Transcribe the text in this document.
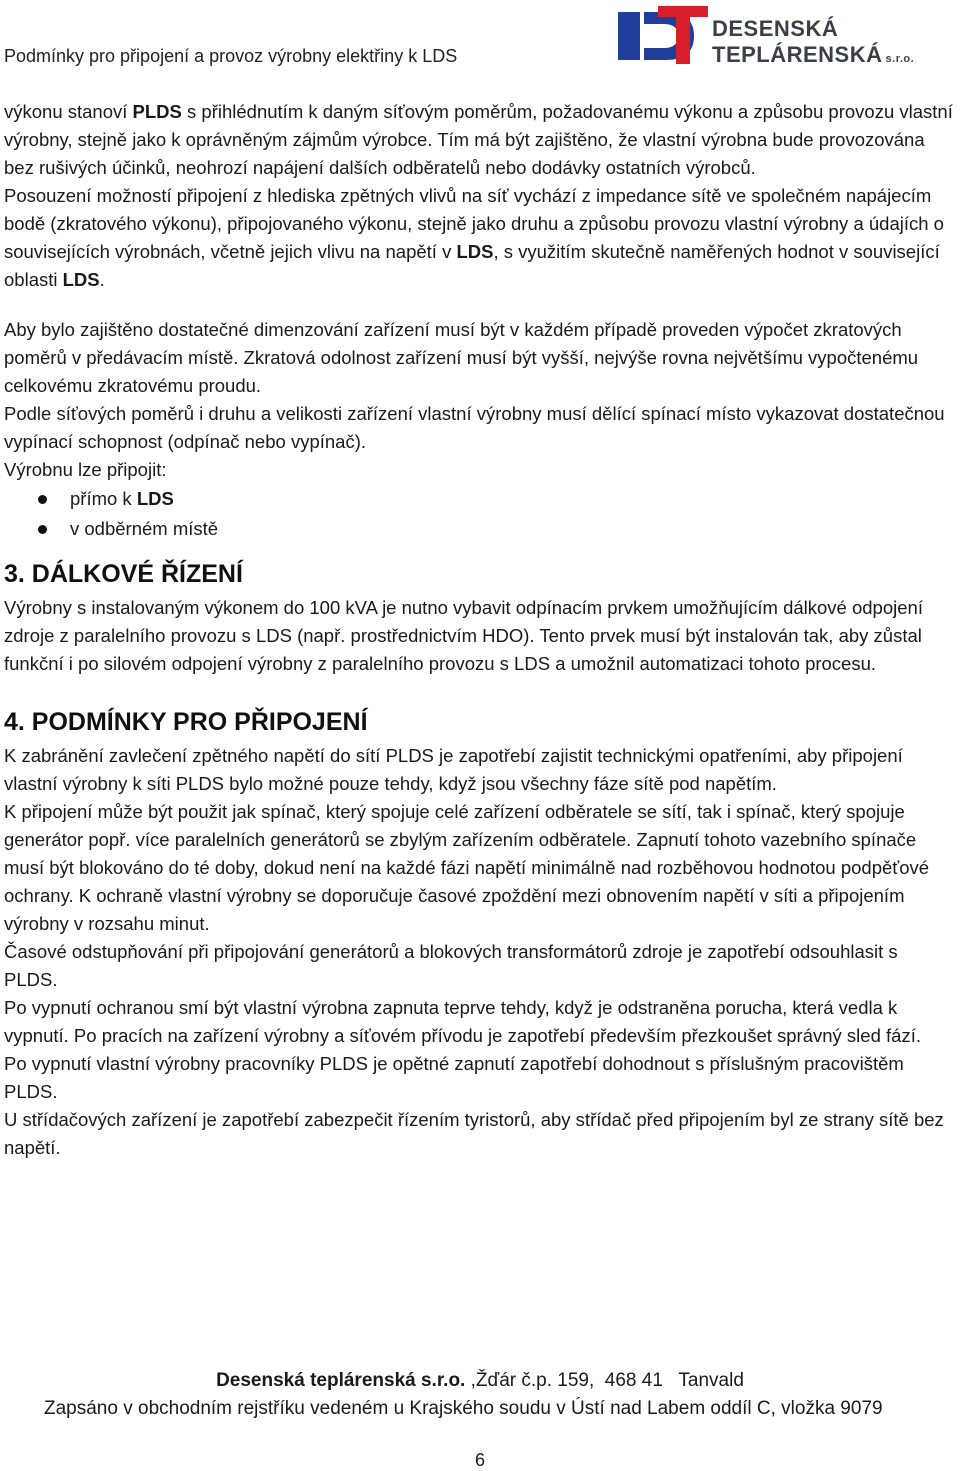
Podmínky pro připojení a provoz výrobny elektřiny k LDS
DESENSKÁ
TEPLÁRENSKÁ s.r.o.

výkonu stanoví PLDS s přihlédnutím k daným síťovým poměrům, požadovanému výkonu a způsobu provozu vlastní výrobny, stejně jako k oprávněným zájmům výrobce. Tím má být zajištěno, že vlastní výrobna bude provozována bez rušivých účinků, neohrozí napájení dalších odběratelů nebo dodávky ostatních výrobců.

Posouzení možností připojení z hlediska zpětných vlivů na síť vychází z impedance sítě ve společném napájecím bodě (zkratového výkonu), připojovaného výkonu, stejně jako druhu a způsobu provozu vlastní výrobny a údajích o souvisejících výrobnách, včetně jejich vlivu na napětí v LDS, s využitím skutečně naměřených hodnot v související oblasti LDS.

Aby bylo zajištěno dostatečné dimenzování zařízení musí být v každém případě proveden výpočet zkratových poměrů v předávacím místě. Zkratová odolnost zařízení musí být vyšší, nejvýše rovna největšímu vypočtenému celkovému zkratovému proudu.

Podle síťových poměrů i druhu a velikosti zařízení vlastní výrobny musí dělící spínací místo vykazovat dostatečnou vypínací schopnost (odpínač nebo vypínač).

Výrobnu lze připojit:

přímo k LDS
v odběrném místě
3. DÁLKOVÉ ŘÍZENÍ

Výrobny s instalovaným výkonem do 100 kVA je nutno vybavit odpínacím prvkem umožňujícím dálkové odpojení zdroje z paralelního provozu s LDS (např. prostřednictvím HDO). Tento prvek musí být instalován tak, aby zůstal funkční i po silovém odpojení výrobny z paralelního provozu s LDS a umožnil automatizaci tohoto procesu.

4. PODMÍNKY PRO PŘIPOJENÍ

K zabránění zavlečení zpětného napětí do sítí PLDS je zapotřebí zajistit technickými opatřeními, aby připojení vlastní výrobny k síti PLDS bylo možné pouze tehdy, když jsou všechny fáze sítě pod napětím.

K připojení může být použit jak spínač, který spojuje celé zařízení odběratele se sítí, tak i spínač, který spojuje generátor popř. více paralelních generátorů se zbylým zařízením odběratele. Zapnutí tohoto vazebního spínače musí být blokováno do té doby, dokud není na každé fázi napětí minimálně nad rozběhovou hodnotou podpěťové ochrany. K ochraně vlastní výrobny se doporučuje časové zpoždění mezi obnovením napětí v síti a připojením výrobny v rozsahu minut.

Časové odstupňování při připojování generátorů a blokových transformátorů zdroje je zapotřebí odsouhlasit s PLDS.

Po vypnutí ochranou smí být vlastní výrobna zapnuta teprve tehdy, když je odstraněna porucha, která vedla k vypnutí. Po pracích na zařízení výrobny a síťovém přívodu je zapotřebí především přezkoušet správný sled fází.

Po vypnutí vlastní výrobny pracovníky PLDS je opětné zapnutí zapotřebí dohodnout s příslušným pracovištěm PLDS.

U střídačových zařízení je zapotřebí zabezpečit řízením tyristorů, aby střídač před připojením byl ze strany sítě bez napětí.

Desenská teplárenská s.r.o. ,Žďár č.p. 159,  468 41   Tanvald
Zapsáno v obchodním rejstříku vedeném u Krajského soudu v Ústí nad Labem oddíl C, vložka 9079
6
